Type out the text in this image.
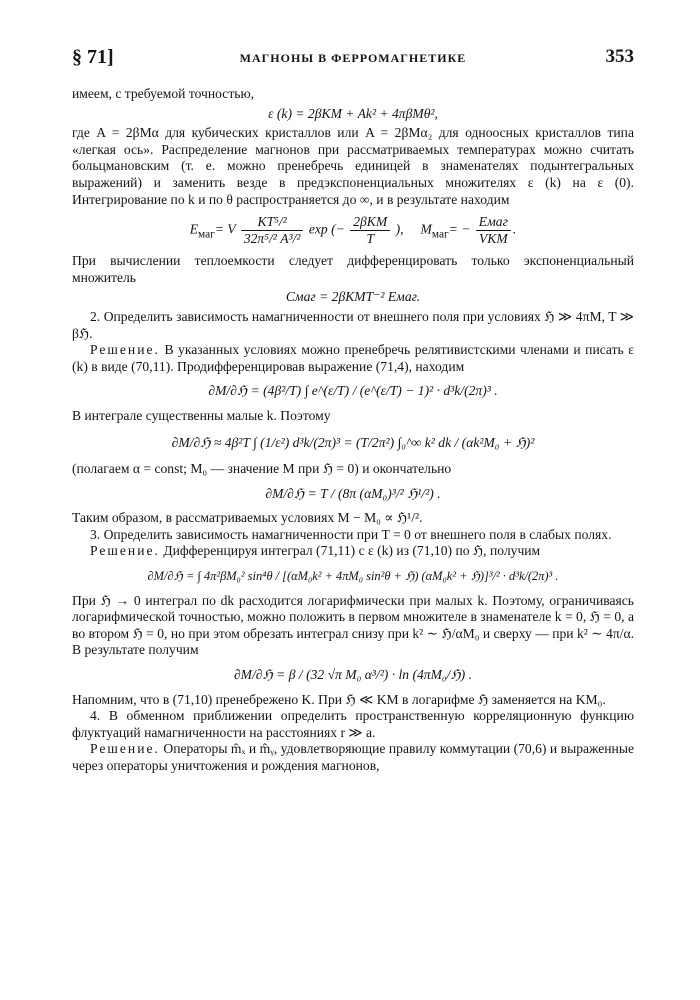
§ 71]	МАГНОНЫ В ФЕРРОМАГНЕТИКЕ	353

имеем, с требуемой точностью,

ε (k) = 2βKM + Ak² + 4πβMθ²,

где A = 2βMα для кубических кристаллов или A = 2βMα₂ для одноосных кристаллов типа «легкая ось». Распределение магнонов при рассматриваемых температурах можно считать больцмановским (т. е. можно пренебречь единицей в знаменателях подынтегральных выражений) и заменить везде в предэкспоненциальных множителях ε (k) на ε (0). Интегрирование по k и по θ распространяется до ∞, и в результате находим

$E_{маг}= V \frac{\text{KT⁵/²}}{\text{32π⁵/² A³/²}}$ exp (− $\frac{\text{2βKM}}{T}$ ), $M_{маг}= - \frac{\text{Eмаг}}{\text{VKM}}$ .

При вычислении теплоемкости следует дифференцировать только экспоненциальный множитель

Cмаг = 2βKMT⁻² Eмаг.

2. Определить зависимость намагниченности от внешнего поля при условиях ℌ ≫ 4πM, T ≫ βℌ.

Решение. В указанных условиях можно пренебречь релятивистскими членами и писать ε (k) в виде (70,11). Продифференцировав выражение (71,4), находим

∂M/∂ℌ = (4β²/T) ∫ e^(ε/T) / (e^(ε/T) − 1)² · d³k/(2π)³ .

В интеграле существенны малые k. Поэтому

∂M/∂ℌ ≈ 4β²T ∫ (1/ε²) d³k/(2π)³ = (T/2π²) ∫₀^∞ k² dk / (αk²M₀ + ℌ)²

(полагаем α = const; M₀ — значение M при ℌ = 0) и окончательно

∂M/∂ℌ = T / (8π (αM₀)³/² ℌ¹/²) .

Таким образом, в рассматриваемых условиях M − M₀ ∝ ℌ¹/².

3. Определить зависимость намагниченности при T = 0 от внешнего поля в слабых полях.

Решение. Дифференцируя интеграл (71,11) с ε (k) из (71,10) по ℌ, получим

∂M/∂ℌ = ∫ 4π²βM₀² sin⁴θ / [(αM₀k² + 4πM₀ sin²θ + ℌ) (αM₀k² + ℌ)]³/² · d³k/(2π)³ .

При ℌ → 0 интеграл по dk расходится логарифмически при малых k. Поэтому, ограничиваясь логарифмической точностью, можно положить в первом множителе в знаменателе k = 0, ℌ = 0, а во втором ℌ = 0, но при этом обрезать интеграл снизу при k² ∼ ℌ/αM₀ и сверху — при k² ∼ 4π/α. В результате получим

∂M/∂ℌ = β / (32 √π M₀ α³/²) · ln (4πM₀/ℌ) .

Напомним, что в (71,10) пренебрежено K. При ℌ ≪ KM в логарифме ℌ заменяется на KM₀.

4. В обменном приближении определить пространственную корреляционную функцию флуктуаций намагниченности на расстояниях r ≫ a.

Решение. Операторы m̂ₓ и m̂ᵧ, удовлетворяющие правилу коммутации (70,6) и выраженные через операторы уничтожения и рождения магнонов,
